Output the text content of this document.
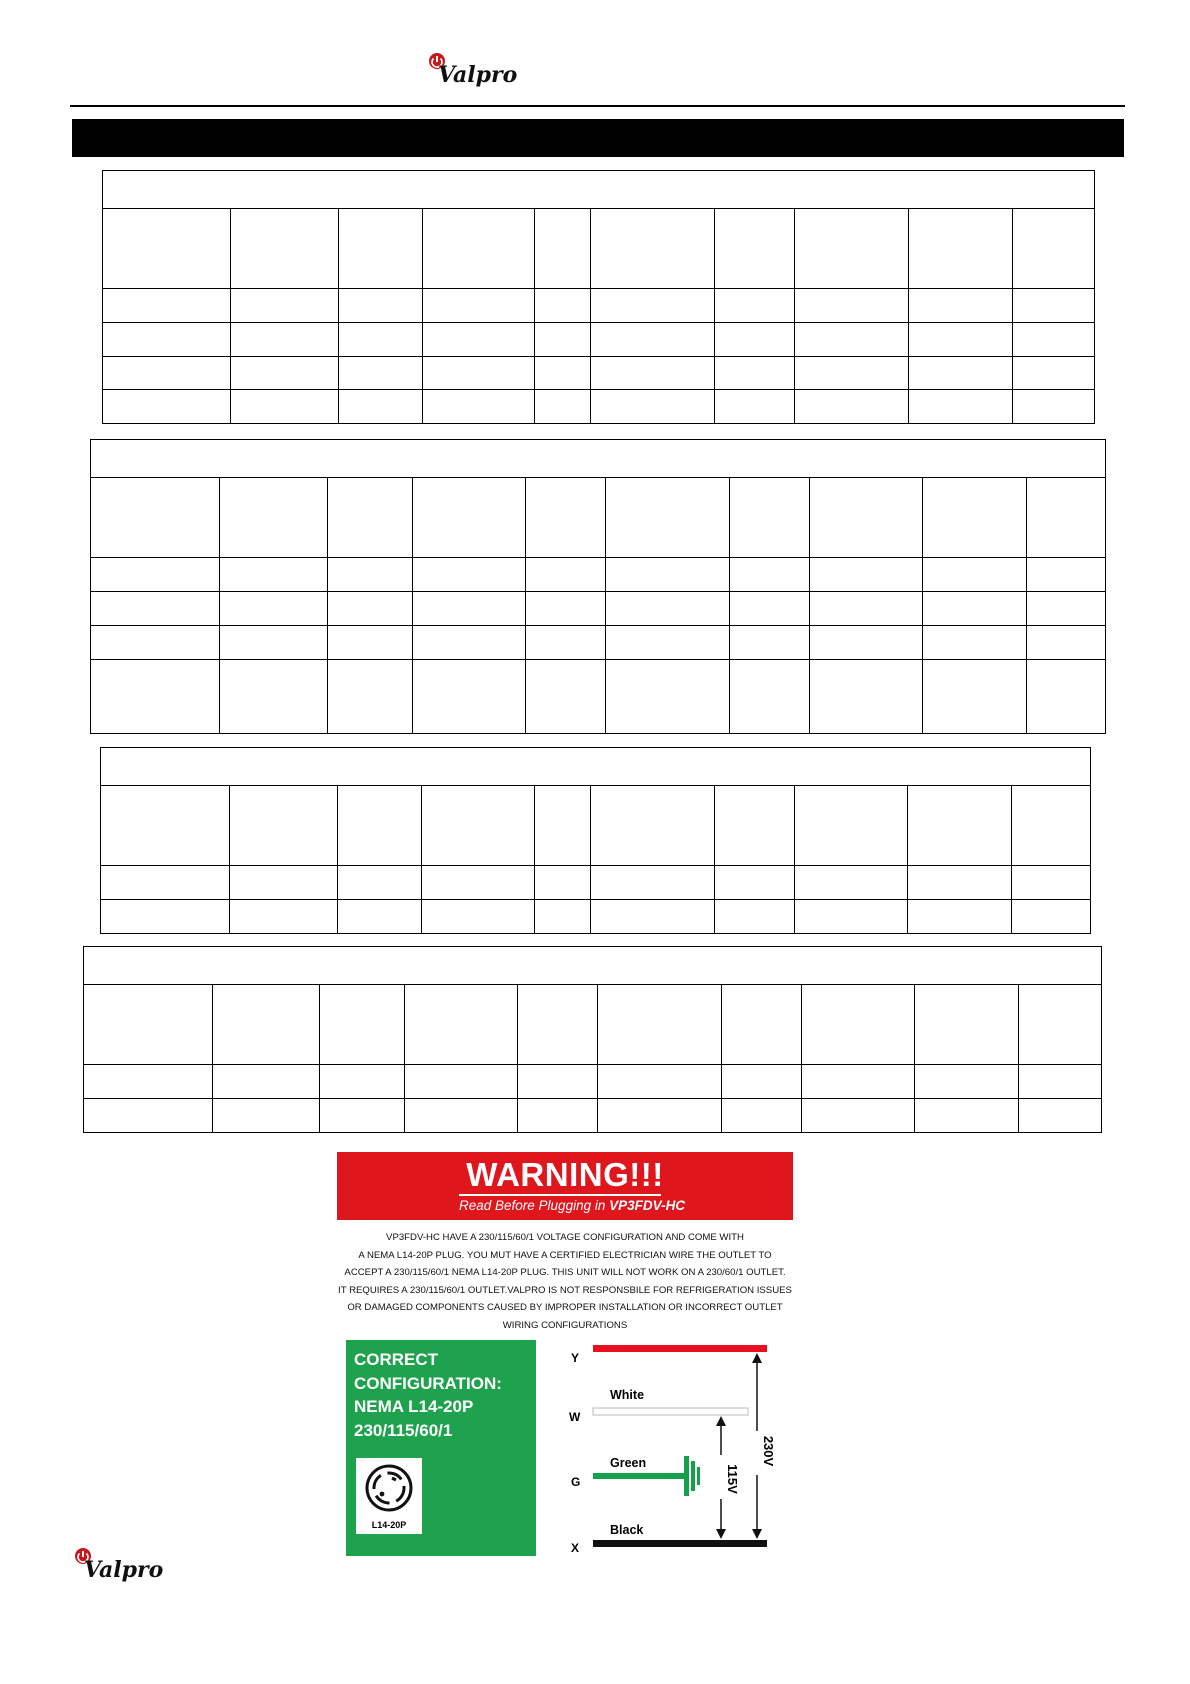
Valpro

WARNING!!!
Read Before Plugging in VP3FDV-HC
VP3FDV-HC HAVE A 230/115/60/1 VOLTAGE CONFIGURATION AND COME WITH
A NEMA L14-20P PLUG. YOU MUT HAVE A CERTIFIED ELECTRICIAN WIRE THE OUTLET TO
ACCEPT A 230/115/60/1 NEMA L14-20P PLUG. THIS UNIT WILL NOT WORK ON A 230/60/1 OUTLET.
IT REQUIRES A 230/115/60/1 OUTLET.VALPRO IS NOT RESPONSBILE FOR REFRIGERATION ISSUES
OR DAMAGED COMPONENTS CAUSED BY IMPROPER INSTALLATION OR INCORRECT OUTLET
WIRING CONFIGURATIONS
CORRECT
CONFIGURATION:
NEMA L14-20P
230/115/60/1
L14-20P
Y
W
G
X
White
Green
Black
230V
115V
Valpro
